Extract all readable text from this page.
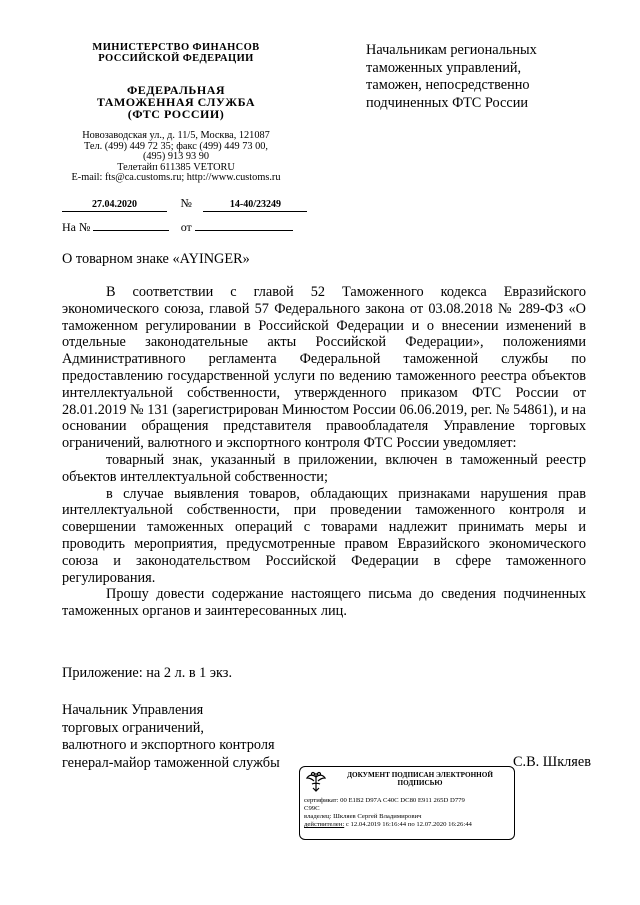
МИНИСТЕРСТВО ФИНАНСОВ
РОССИЙСКОЙ ФЕДЕРАЦИИ
ФЕДЕРАЛЬНАЯ
ТАМОЖЕННАЯ СЛУЖБА
(ФТС РОССИИ)
Новозаводская ул., д. 11/5, Москва, 121087
Тел. (499) 449 72 35; факс (499) 449 73 00,
(495) 913 93 90
Телетайп 611385 VETORU
E-mail: fts@ca.customs.ru; http://www.customs.ru
27.04.2020	№	14-40/23249
На №	от
Начальникам региональных
таможенных управлений,
таможен, непосредственно
подчиненных ФТС России
О товарном знаке «AYINGER»

В соответствии с главой 52 Таможенного кодекса Евразийского экономического союза, главой 57 Федерального закона от 03.08.2018 № 289-ФЗ «О таможенном регулировании в Российской Федерации и о внесении изменений в отдельные законодательные акты Российской Федерации», положениями Административного регламента Федеральной таможенной службы по предоставлению государственной услуги по ведению таможенного реестра объектов интеллектуальной собственности, утвержденного приказом ФТС России от 28.01.2019 № 131 (зарегистрирован Минюстом России 06.06.2019, рег. № 54861), и на основании обращения представителя правообладателя Управление торговых ограничений, валютного и экспортного контроля ФТС России уведомляет:

товарный знак, указанный в приложении, включен в таможенный реестр объектов интеллектуальной собственности;

в случае выявления товаров, обладающих признаками нарушения прав интеллектуальной собственности, при проведении таможенного контроля и совершении таможенных операций с товарами надлежит принимать меры и проводить мероприятия, предусмотренные правом Евразийского экономического союза и законодательством Российской Федерации в сфере таможенного регулирования.

Прошу довести содержание настоящего письма до сведения подчиненных таможенных органов и заинтересованных лиц.

Приложение: на 2 л. в 1 экз.
Начальник Управления
торговых ограничений,
валютного и экспортного контроля
генерал-майор таможенной службы	С.В. Шкляев
ДОКУМЕНТ ПОДПИСАН ЭЛЕКТРОННОЙ
ПОДПИСЬЮ
сертификат: 00 E1B2 D97A C40C DC80 E911 265D D779
C99C
владелец: Шкляев Сергей Владимирович
действителен: с 12.04.2019 16:16:44 по 12.07.2020 16:26:44
